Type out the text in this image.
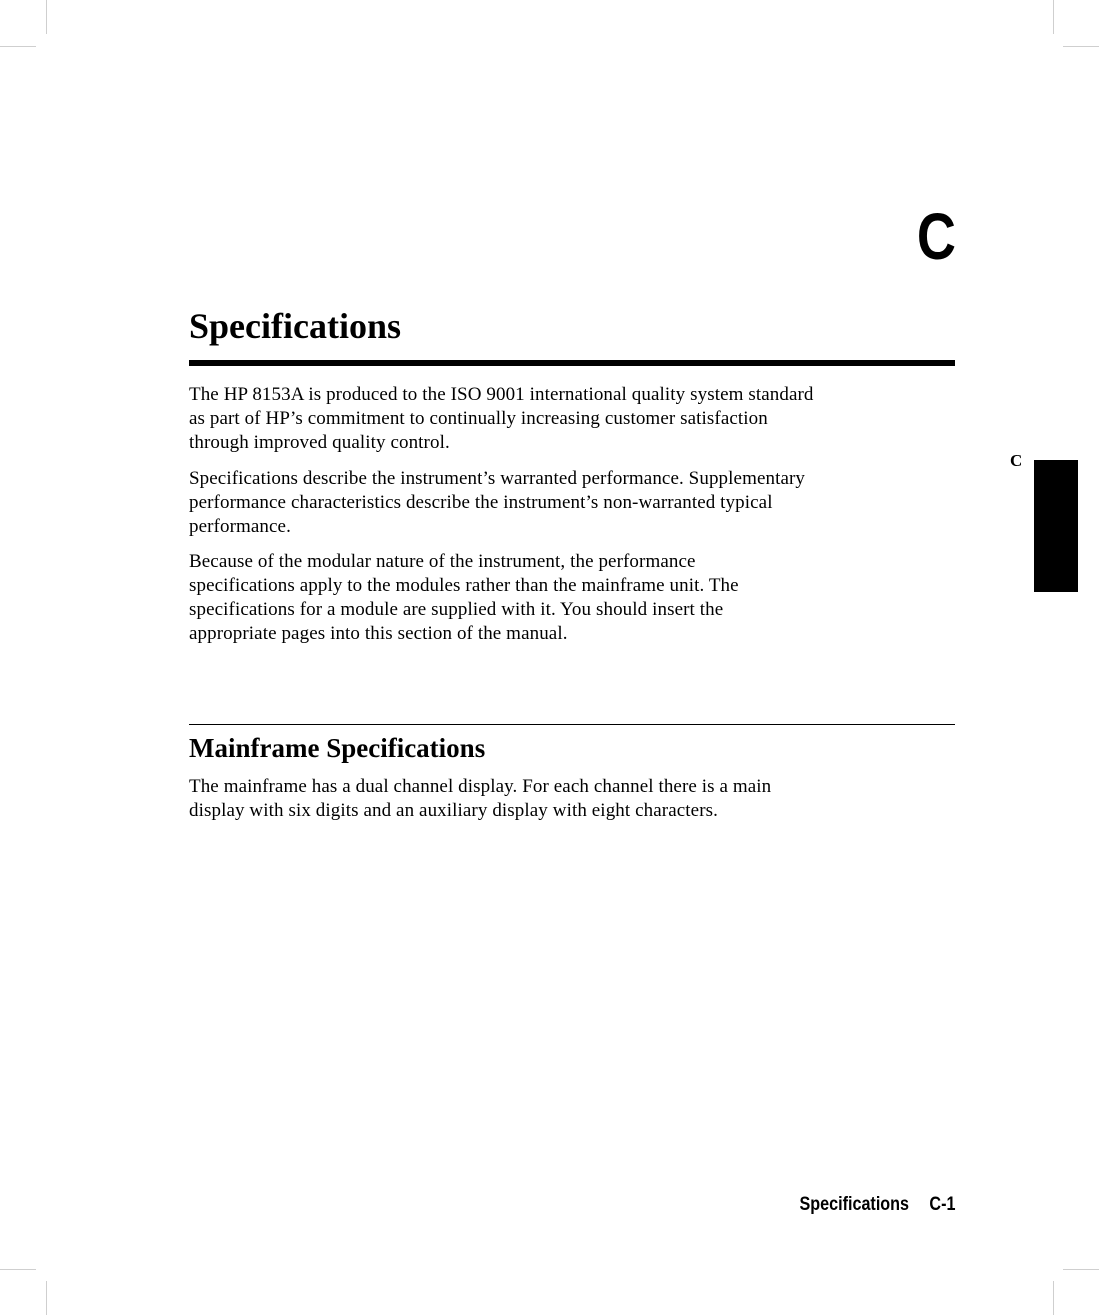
C
Specifications

The HP 8153A is produced to the ISO 9001 international quality system standard
as part of HP’s commitment to continually increasing customer satisfaction
through improved quality control.

Specifications describe the instrument’s warranted performance. Supplementary
performance characteristics describe the instrument’s non-warranted typical
performance.

Because of the modular nature of the instrument, the performance
specifications apply to the modules rather than the mainframe unit. The
specifications for a module are supplied with it. You should insert the
appropriate pages into this section of the manual.

Mainframe Specifications

The mainframe has a dual channel display. For each channel there is a main
display with six digits and an auxiliary display with eight characters.

C
Specifications C-1
